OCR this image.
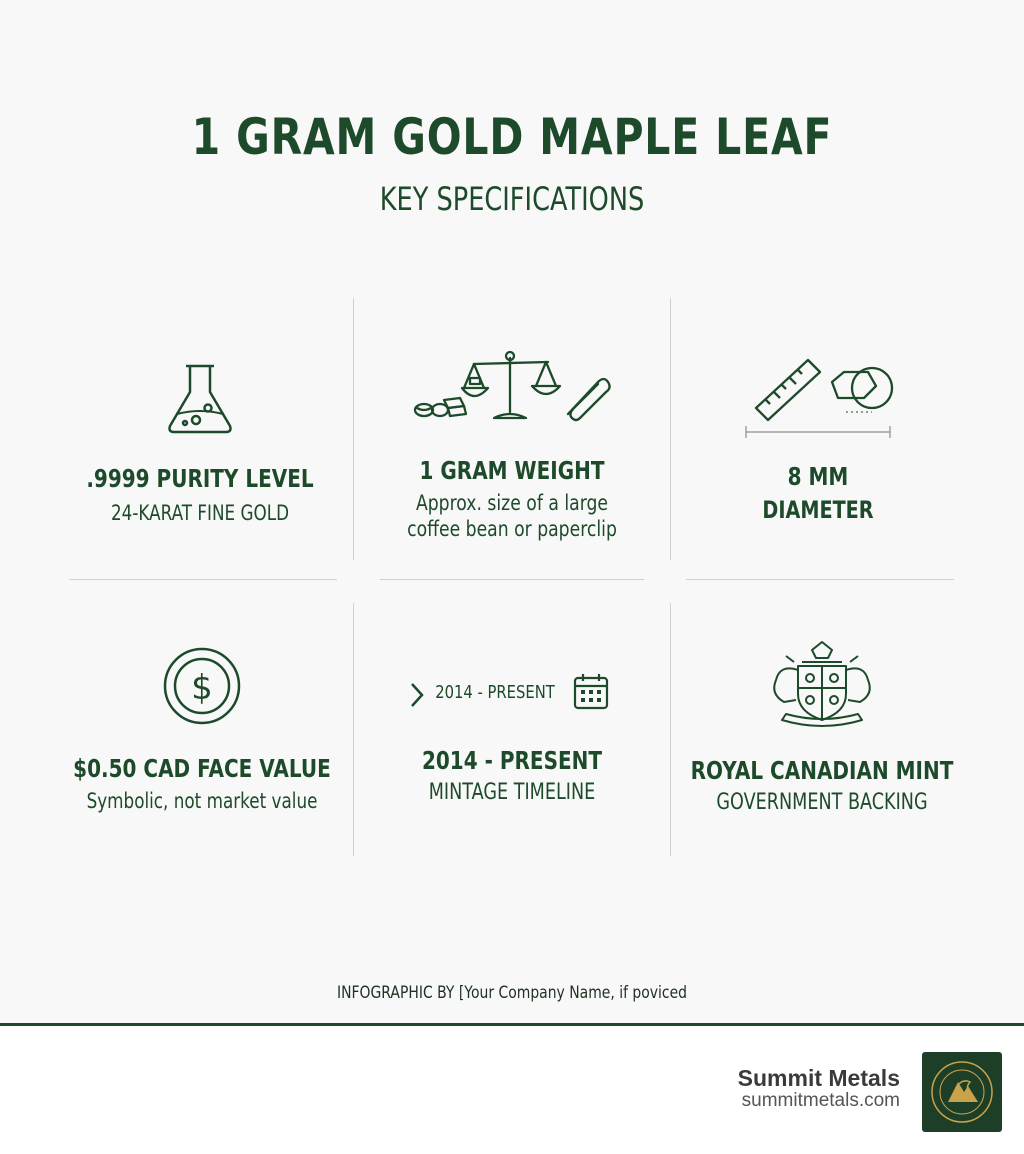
1 GRAM GOLD MAPLE LEAF
KEY SPECIFICATIONS
.9999 PURITY LEVEL
24-KARAT FINE GOLD
1 GRAM WEIGHT
Approx. size of a large coffee bean or paperclip
8 MM
DIAMETER
$
$0.50 CAD FACE VALUE
Symbolic, not market value
2014 - PRESENT
2014 - PRESENT
MINTAGE TIMELINE
ROYAL CANADIAN MINT
GOVERNMENT BACKING
INFOGRAPHIC BY [Your Company Name, if poviced
Summit Metals
summitmetals.com
